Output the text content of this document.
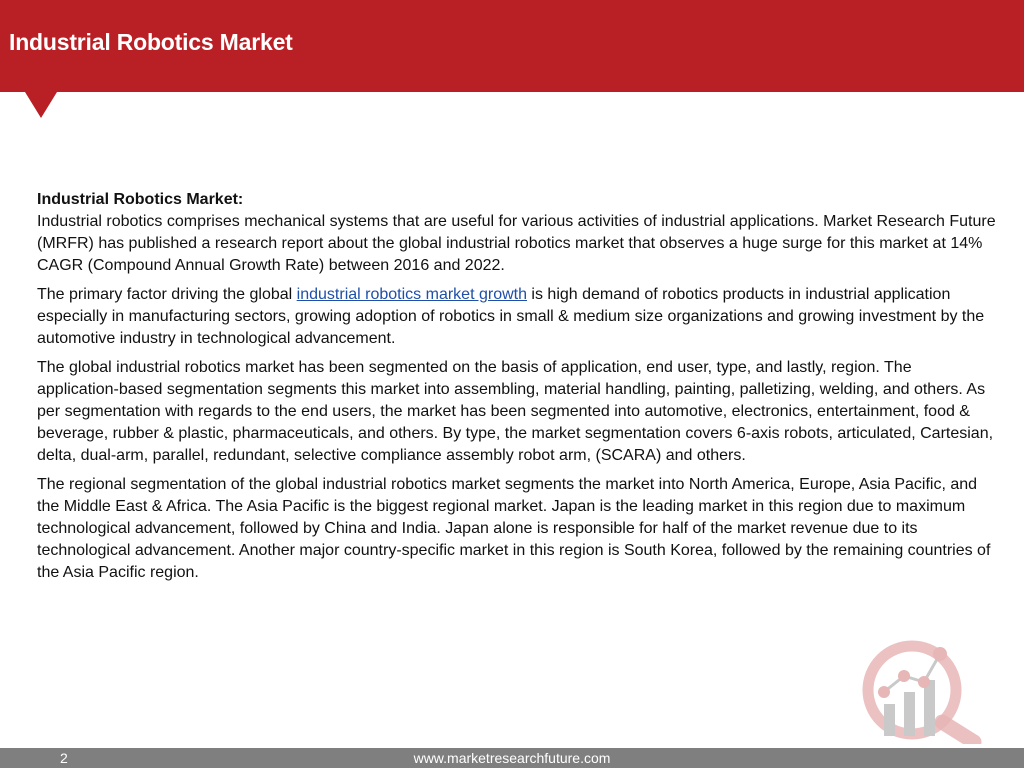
Industrial Robotics Market

Industrial Robotics Market:
Industrial robotics comprises mechanical systems that are useful for various activities of industrial applications. Market Research Future (MRFR) has published a research report about the global industrial robotics market that observes a huge surge for this market at 14% CAGR (Compound Annual Growth Rate) between 2016 and 2022.

The primary factor driving the global industrial robotics market growth is high demand of robotics products in industrial application especially in manufacturing sectors, growing adoption of robotics in small & medium size organizations and growing investment by the automotive industry in technological advancement.

The global industrial robotics market has been segmented on the basis of application, end user, type, and lastly, region. The application-based segmentation segments this market into assembling, material handling, painting, palletizing, welding, and others. As per segmentation with regards to the end users, the market has been segmented into automotive, electronics, entertainment, food & beverage, rubber & plastic, pharmaceuticals, and others. By type, the market segmentation covers 6-axis robots, articulated, Cartesian, delta, dual-arm, parallel, redundant, selective compliance assembly robot arm, (SCARA) and others.

The regional segmentation of the global industrial robotics market segments the market into North America, Europe, Asia Pacific, and the Middle East & Africa. The Asia Pacific is the biggest regional market. Japan is the leading market in this region due to maximum technological advancement, followed by China and India. Japan alone is responsible for half of the market revenue due to its technological advancement. Another major country-specific market in this region is South Korea, followed by the remaining countries of the Asia Pacific region.

2	www.marketresearchfuture.com
